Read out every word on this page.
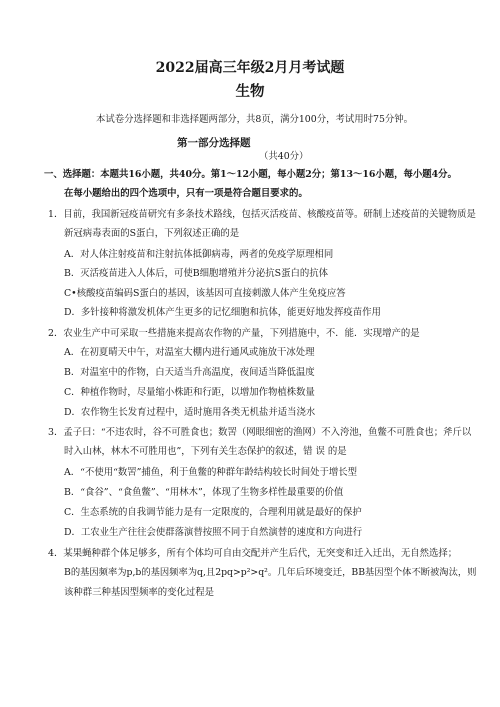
2022届高三年级2月月考试题
生物
本试卷分选择题和非选择题两部分，共8页，满分100分，考试用时75分钟。
第一部分选择题
（共40分）
一、选择题：本题共16小题，共40分。第1～12小题，每小题2分；第13～16小题，每小题4分。
在每小题给出的四个选项中，只有一项是符合题目要求的。
1．目前，我国新冠疫苗研究有多条技术路线，包括灭活疫苗、核酸疫苗等。研制上述疫苗的关键物质是
新冠病毒表面的S蛋白，下列叙述正确的是
A．对人体注射疫苗和注射抗体抵御病毒，两者的免疫学原理相同
B．灭活疫苗进入人体后，可使B细胞增殖并分泌抗S蛋白的抗体
C•核酸疫苗编码S蛋白的基因，该基因可直接刺激人体产生免疫应答
D．多针接种将激发机体产生更多的记忆细胞和抗体，能更好地发挥疫苗作用
2．农业生产中可采取一些措施来提高农作物的产量，下列措施中，不．能．实现增产的是
A．在初夏晴天中午，对温室大棚内进行通风或施放干冰处理
B．对温室中的作物，白天适当升高温度，夜间适当降低温度
C．种植作物时，尽量缩小株距和行距，以增加作物植株数量
D．农作物生长发育过程中，适时施用各类无机盐并适当浇水
3．孟子曰：“不违农时，谷不可胜食也；数罟（网眼细密的渔网）不入洿池，鱼鳖不可胜食也；斧斤以
时入山林，林木不可胜用也”，下列有关生态保护的叙述，错 误 的是
A．“不使用“数罟”捕鱼，利于鱼鳖的种群年龄结构较长时间处于增长型
B．“食谷”、“食鱼鳖”、“用林木”，体现了生物多样性最重要的价值
C．生态系统的自我调节能力是有一定限度的，合理利用就是最好的保护
D．工农业生产往往会使群落演替按照不同于自然演替的速度和方向进行
4．某果蝇种群个体足够多，所有个体均可自由交配并产生后代，无突变和迁入迁出，无自然选择；
B的基因频率为p,b的基因频率为q,且2pq>p²>q²。几年后环境变迁，BB基因型个体不断被淘汰，则
该种群三种基因型频率的变化过程是
